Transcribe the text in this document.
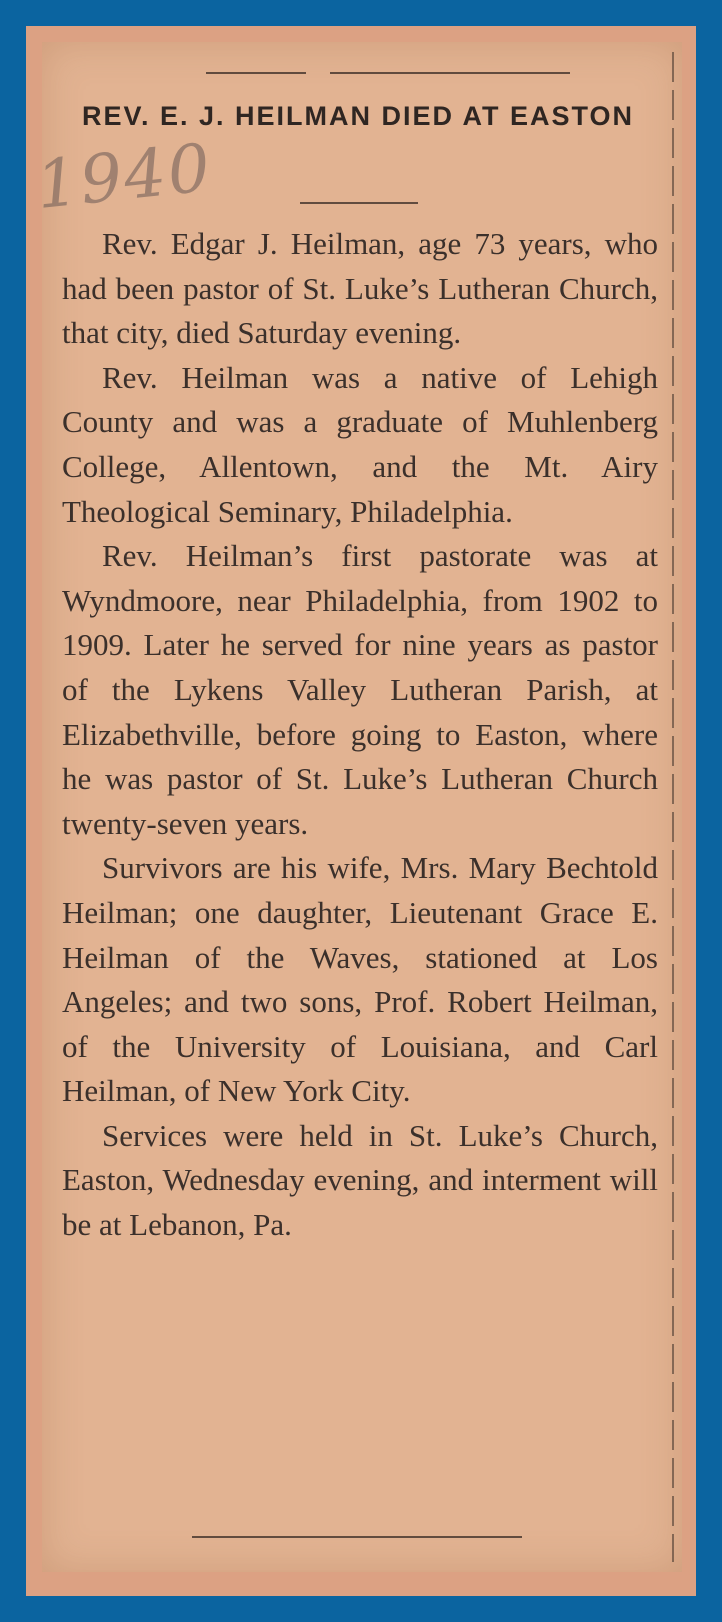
1940
REV. E. J. HEILMAN DIED AT EASTON

Rev. Edgar J. Heilman, age 73 years, who had been pastor of St. Luke’s Lutheran Church, that city, died Saturday evening.

Rev. Heilman was a native of Lehigh County and was a graduate of Muhlenberg College, Allentown, and the Mt. Airy Theological Seminary, Philadelphia.

Rev. Heilman’s first pastorate was at Wyndmoore, near Philadelphia, from 1902 to 1909. Later he served for nine years as pastor of the Lykens Valley Lutheran Parish, at Elizabethville, before going to Easton, where he was pastor of St. Luke’s Lutheran Church twenty-seven years.

Survivors are his wife, Mrs. Mary Bechtold Heilman; one daughter, Lieutenant Grace E. Heilman of the Waves, stationed at Los Angeles; and two sons, Prof. Robert Heilman, of the University of Louisiana, and Carl Heilman, of New York City.

Services were held in St. Luke’s Church, Easton, Wednesday evening, and interment will be at Lebanon, Pa.
